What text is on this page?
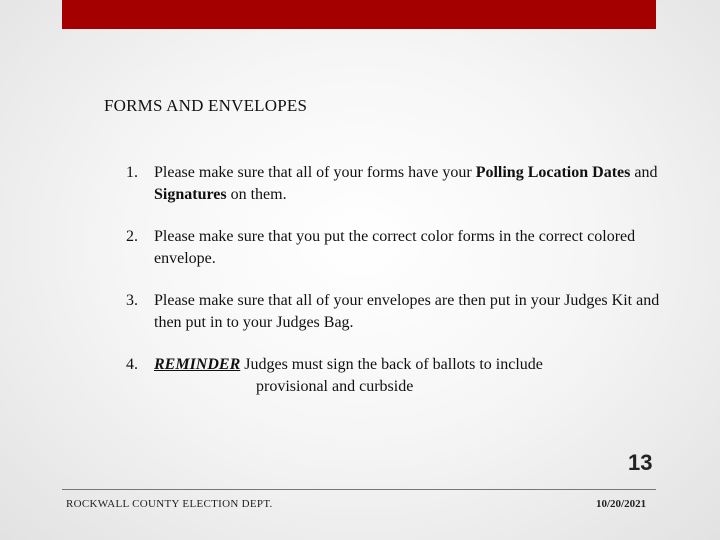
FORMS AND ENVELOPES
1.	Please make sure that all of your forms have your Polling Location Dates and Signatures on them.
2.	Please make sure that you put the correct color forms in the correct colored envelope.
3.	Please make sure that all of your envelopes are then put in your Judges Kit and then put in to your Judges Bag.
4.	REMINDER Judges must sign the back of ballots to include
provisional and curbside
13
ROCKWALL COUNTY ELECTION DEPT.	10/20/2021
